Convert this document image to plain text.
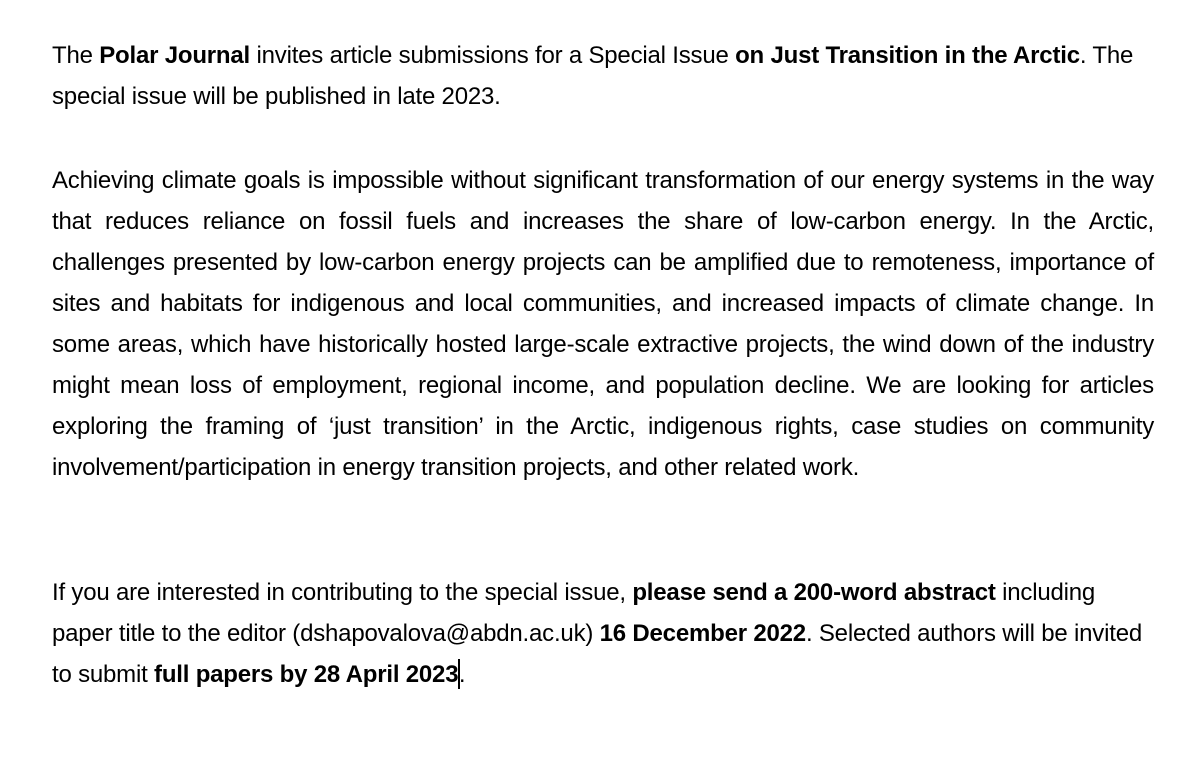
The Polar Journal invites article submissions for a Special Issue on Just Transition in the Arctic. The special issue will be published in late 2023.

Achieving climate goals is impossible without significant transformation of our energy systems in the way that reduces reliance on fossil fuels and increases the share of low-carbon energy. In the Arctic, challenges presented by low-carbon energy projects can be amplified due to remoteness, importance of sites and habitats for indigenous and local communities, and increased impacts of climate change. In some areas, which have historically hosted large-scale extractive projects, the wind down of the industry might mean loss of employment, regional income, and population decline. We are looking for articles exploring the framing of ‘just transition’ in the Arctic, indigenous rights, case studies on community involvement/participation in energy transition projects, and other related work.

If you are interested in contributing to the special issue, please send a 200-word abstract including paper title to the editor (dshapovalova@abdn.ac.uk) 16 December 2022. Selected authors will be invited to submit full papers by 28 April 2023.
